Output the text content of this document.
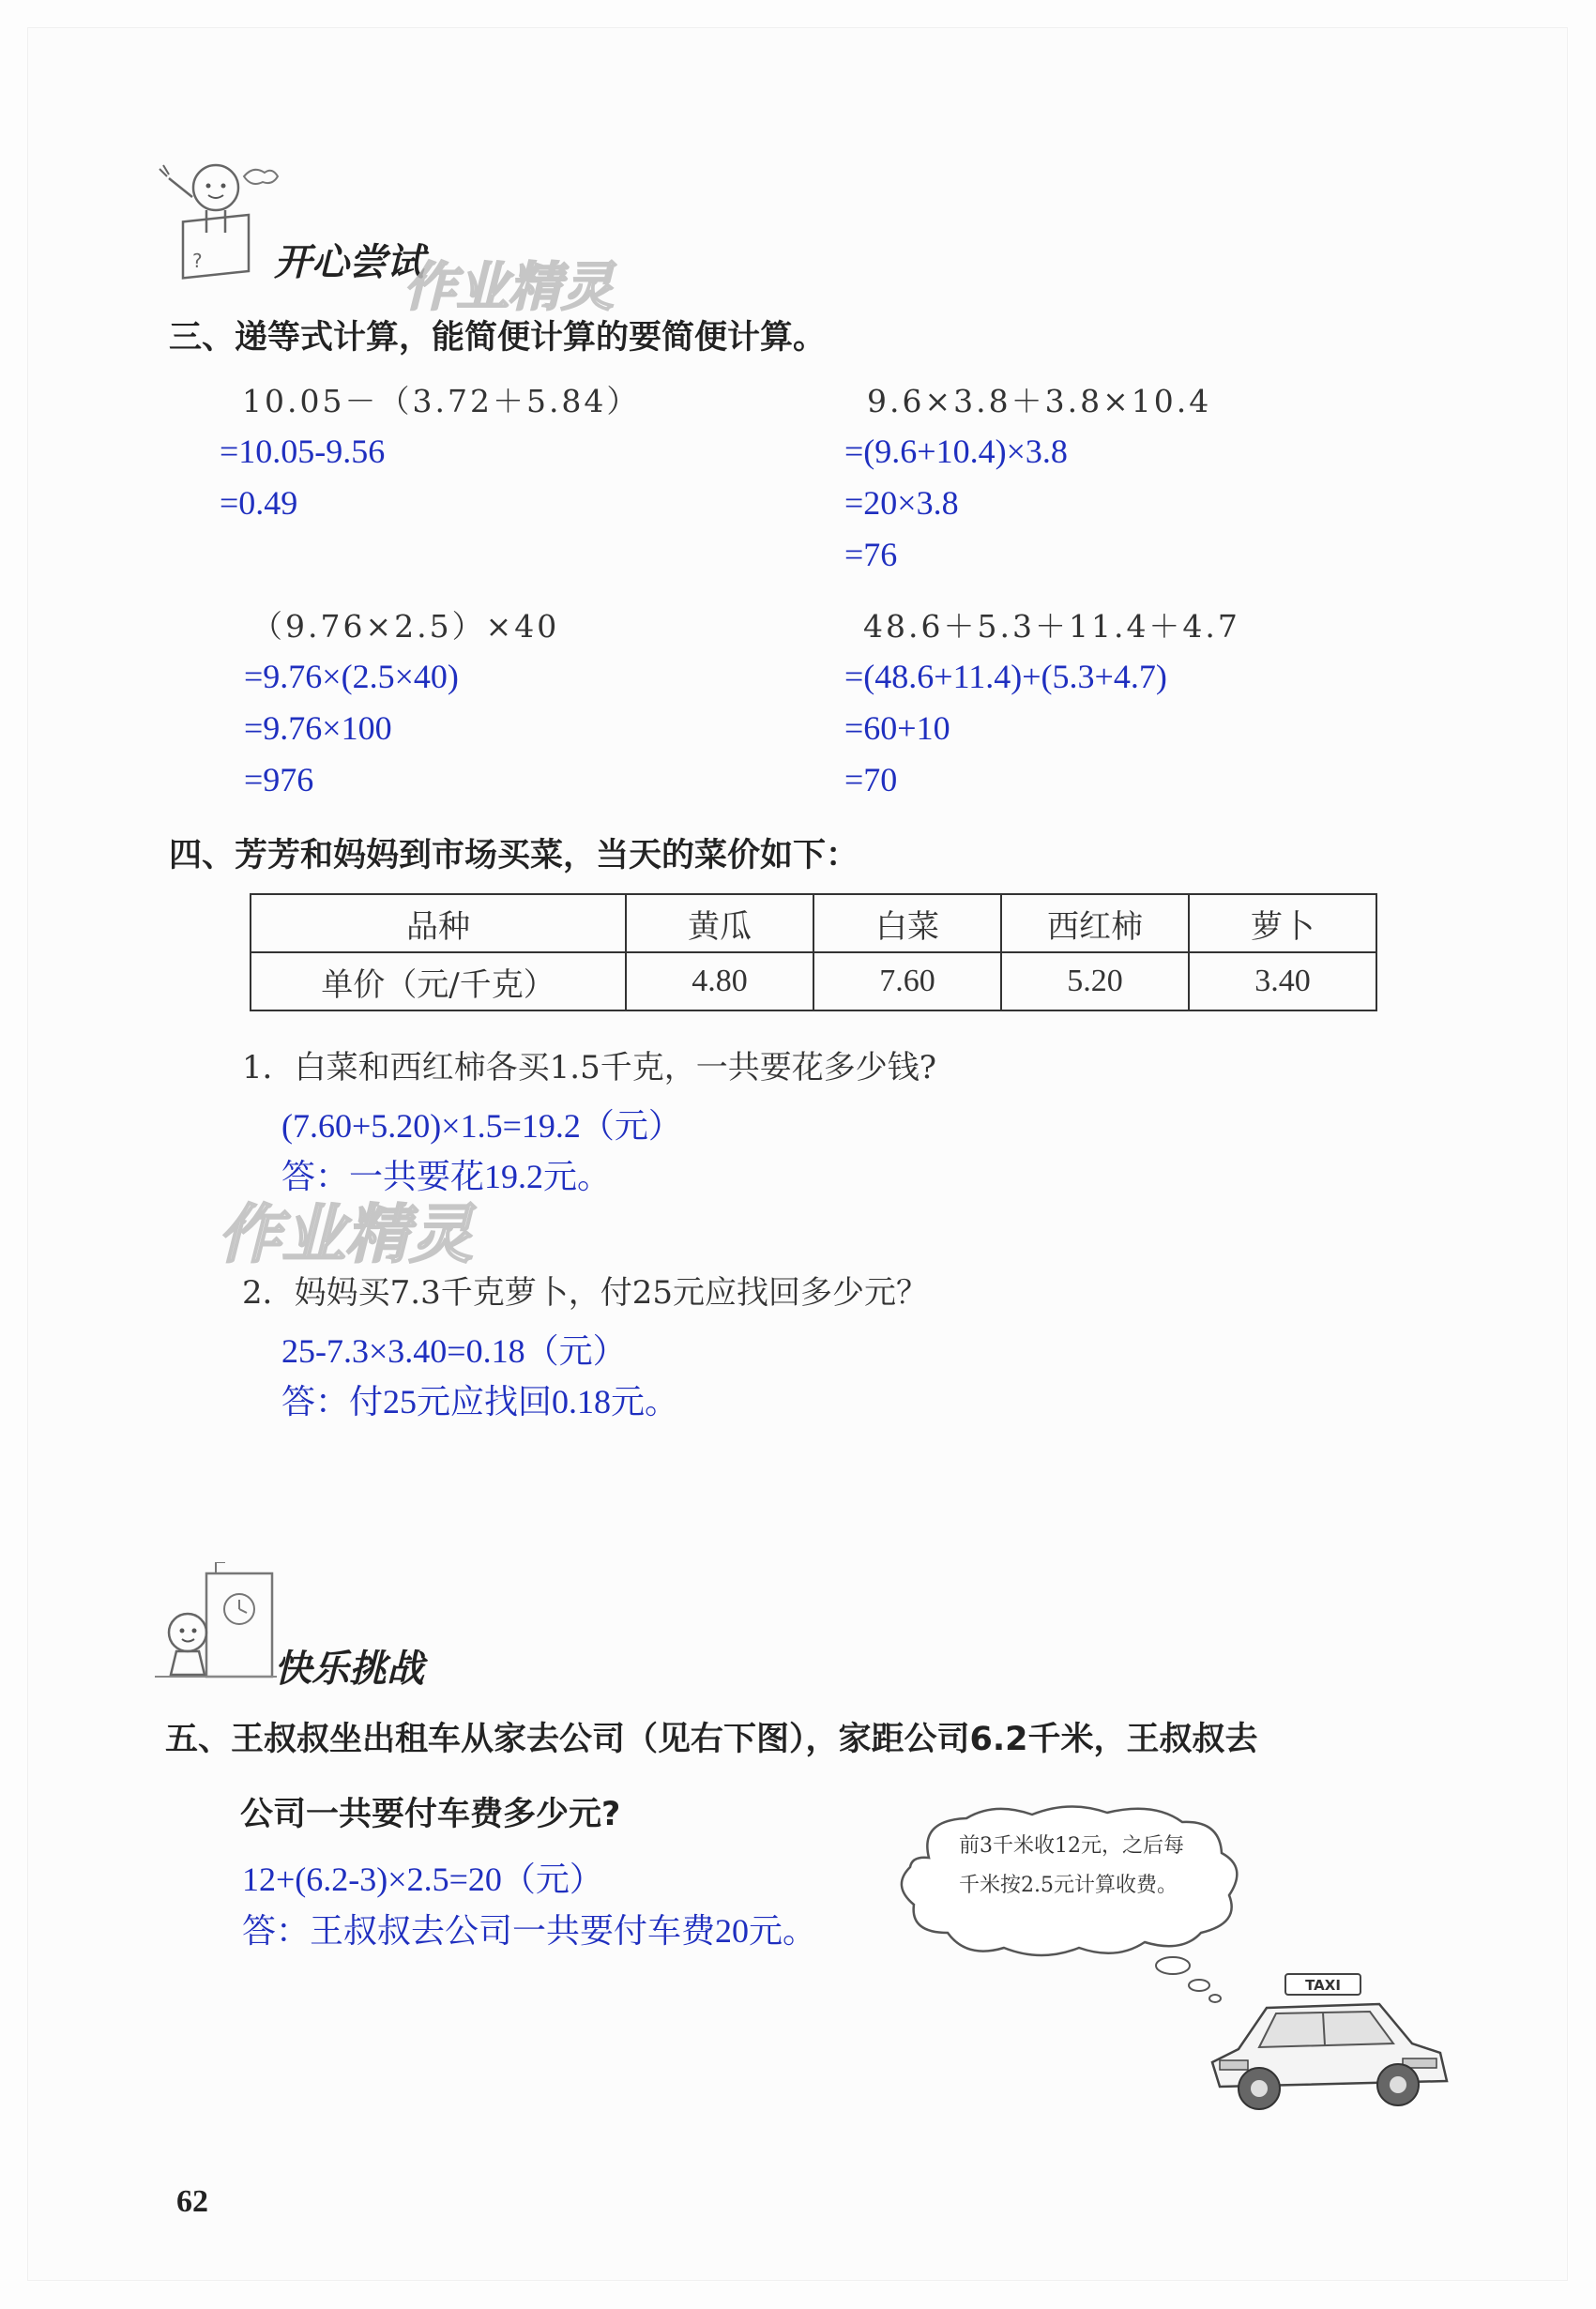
? 开心尝试
作业精灵
三、递等式计算，能简便计算的要简便计算。
10.05－（3.72＋5.84）
=10.05-9.56
=0.49
9.6×3.8＋3.8×10.4
=(9.6+10.4)×3.8
=20×3.8
=76
（9.76×2.5）×40
=9.76×(2.5×40)
=9.76×100
=976
48.6＋5.3＋11.4＋4.7
=(48.6+11.4)+(5.3+4.7)
=60+10
=70
四、芳芳和妈妈到市场买菜，当天的菜价如下：
品种	黄瓜	白菜	西红柿	萝卜
单价（元/千克）	4.80	7.60	5.20	3.40
1．白菜和西红柿各买1.5千克，一共要花多少钱?
(7.60+5.20)×1.5=19.2（元）
答：一共要花19.2元。
作业精灵
2．妈妈买7.3千克萝卜，付25元应找回多少元？
25-7.3×3.40=0.18（元）
答：付25元应找回0.18元。
快乐挑战
五、王叔叔坐出租车从家去公司（见右下图），家距公司6.2千米，王叔叔去
公司一共要付车费多少元?
12+(6.2-3)×2.5=20（元）
答：王叔叔去公司一共要付车费20元。
前3千米收12元，之后每
千米按2.5元计算收费。
TAXI
62
